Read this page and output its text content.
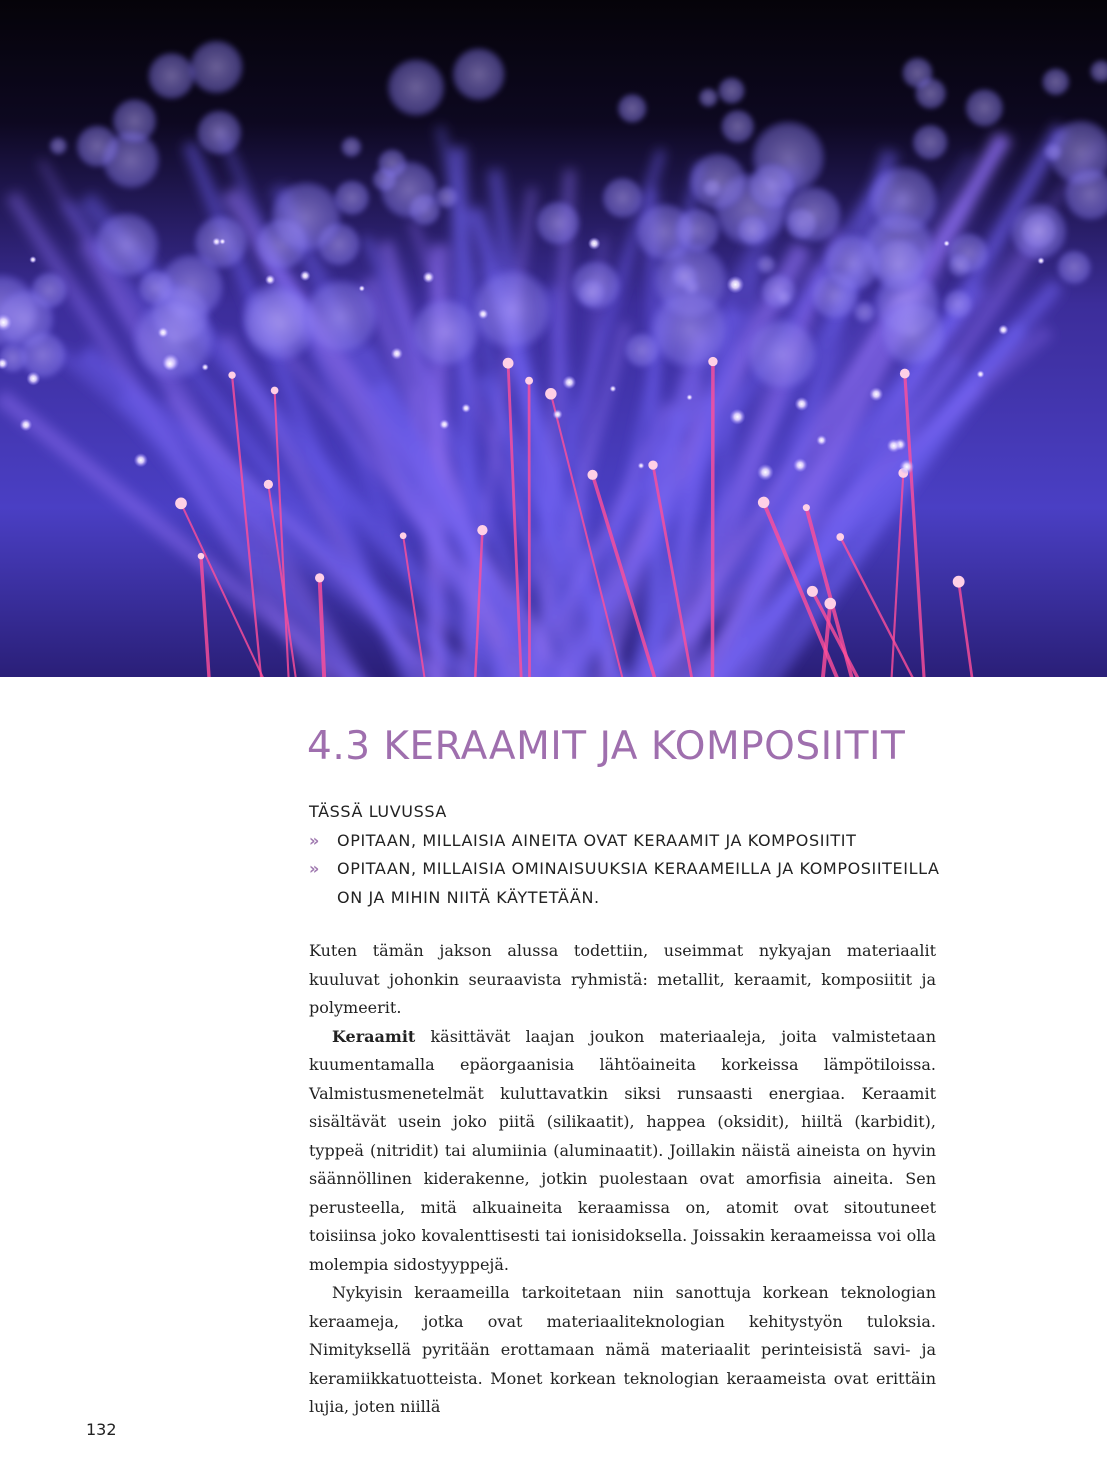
4.3 KERAAMIT JA KOMPOSIITIT
TÄSSÄ LUVUSSA
» OPITAAN, MILLAISIA AINEITA OVAT KERAAMIT JA KOMPOSIITIT
» OPITAAN, MILLAISIA OMINAISUUKSIA KERAAMEILLA JA KOMPOSIITEILLA ON JA MIHIN NIITÄ KÄYTETÄÄN.

Kuten tämän jakson alussa todettiin, useimmat nykyajan materiaalit kuuluvat johonkin seuraavista ryhmistä: metallit, keraamit, komposiitit ja polymeerit.

Keraamit käsittävät laajan joukon materiaaleja, joita valmistetaan kuumentamalla epäorgaanisia lähtöaineita korkeissa lämpötiloissa. Valmistusmenetelmät kuluttavatkin siksi runsaasti energiaa. Keraamit sisältävät usein joko piitä (silikaatit), happea (oksidit), hiiltä (karbidit), typpeä (nitridit) tai alumiinia (aluminaatit). Joillakin näistä aineista on hyvin säännöllinen kiderakenne, jotkin puolestaan ovat amorfisia aineita. Sen perusteella, mitä alkuaineita keraamissa on, atomit ovat sitoutuneet toisiinsa joko kovalenttisesti tai ionisidoksella. Joissakin keraameissa voi olla molempia sidostyyppejä.

Nykyisin keraameilla tarkoitetaan niin sanottuja korkean teknologian keraameja, jotka ovat materiaaliteknologian kehitystyön tuloksia. Nimityksellä pyritään erottamaan nämä materiaalit perinteisistä savi- ja keramiikkatuotteista. Monet korkean teknologian keraameista ovat erittäin lujia, joten niillä

132
